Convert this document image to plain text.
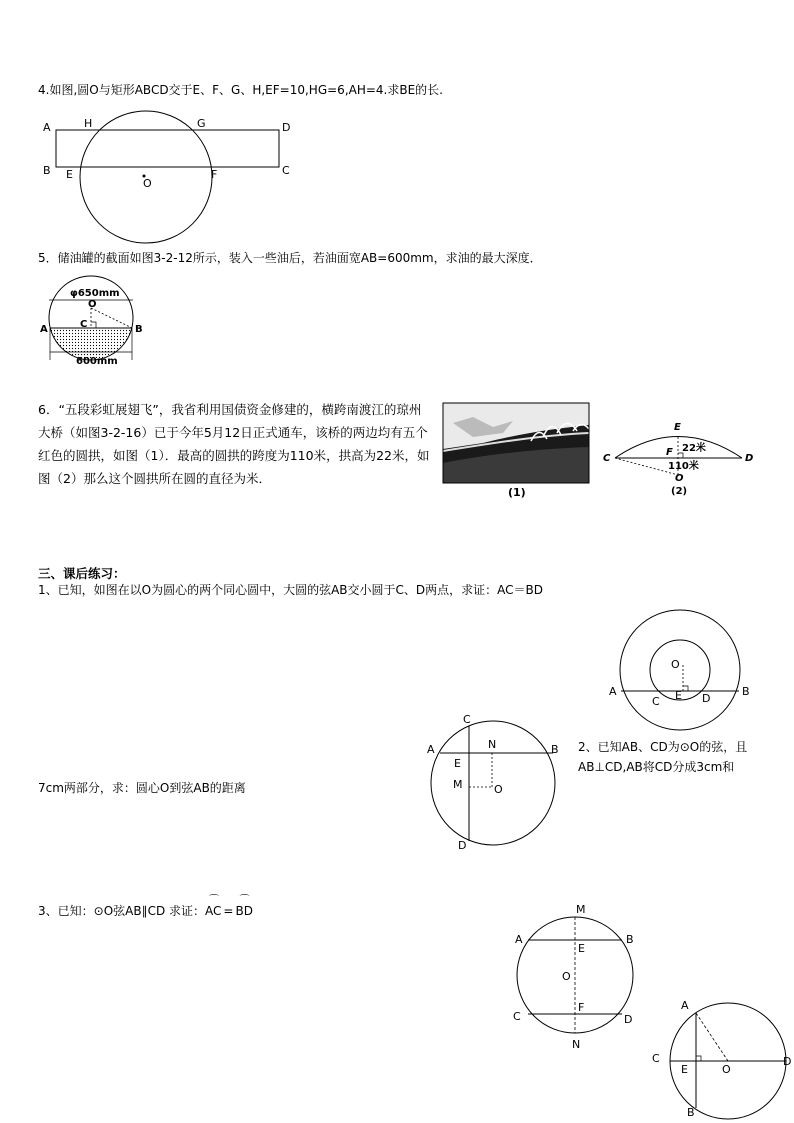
4.如图,圆O与矩形ABCD交于E、F、G、H,EF=10,HG=6,AH=4.求BE的长.
A	H	G	D
B E
O
F	C
5．储油罐的截面如图3-2-12所示，装入一些油后，若油面宽AB=600mm，求油的最大深度．
φ650mm
O
C
A	B
600mm
6．“五段彩虹展翅飞”，我省利用国债资金修建的，横跨南渡江的琼州大桥（如图3-2-16）已于今年5月12日正式通车，该桥的两边均有五个红色的圆拱，如图（1）．最高的圆拱的跨度为110米，拱高为22米，如图（2）那么这个圆拱所在圆的直径为米．
(1)
C	D
E
22米
F
110米
O
(2)
三、课后练习：
1、已知，如图在以O为圆心的两个同心圆中，大圆的弦AB交小圆于C、D两点，求证：AC＝BD
O
A	B
C E D
C
A	N	B
E
M	O
D
2、已知AB、CD为⊙O的弦，且
AB⊥CD,AB将CD分成3cm和
7cm两部分，求：圆心O到弦AB的距离
3、已知：⊙O弦AB∥CD 求证：AC
⌒
= BD
⌒
M
A	B
E
O
F
C	D
N
A
C	D
E	O
B
